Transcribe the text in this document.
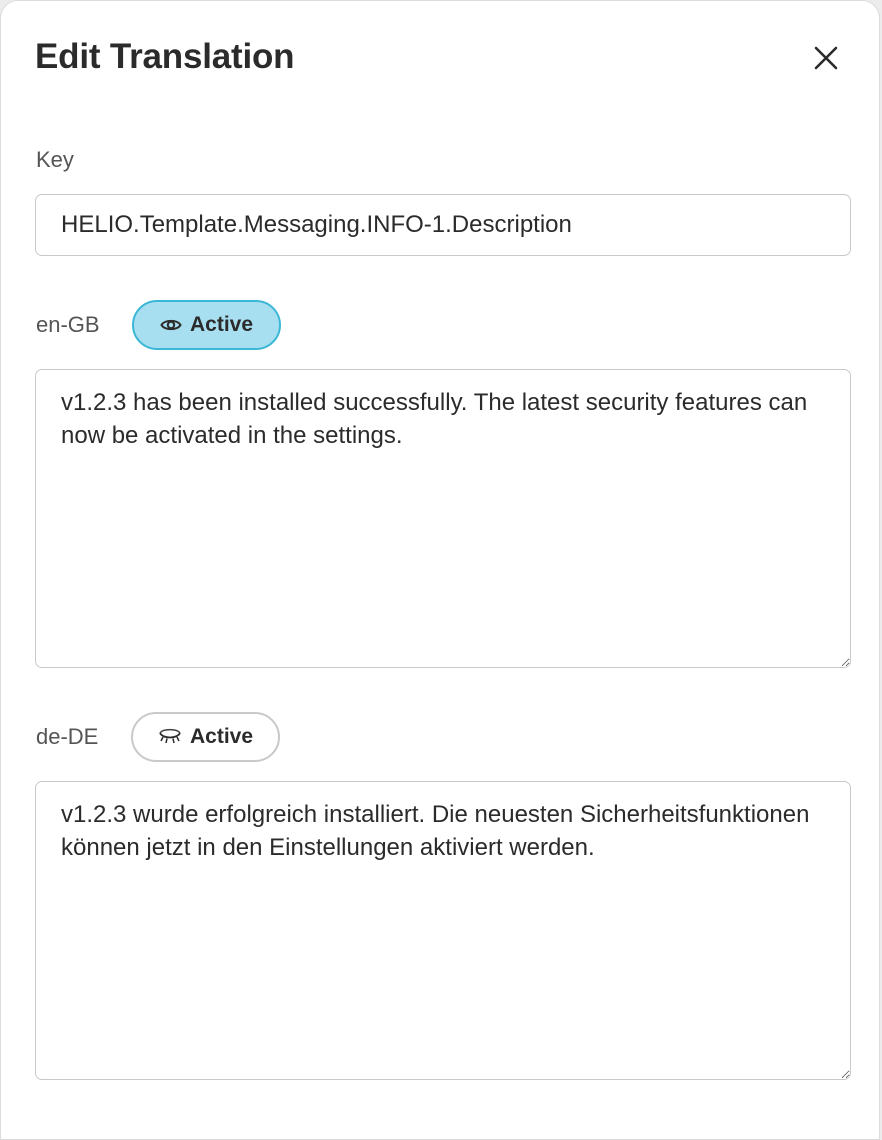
Edit Translation
Key
HELIO.Template.Messaging.INFO-1.Description
en-GB	Active
v1.2.3 has been installed successfully. The latest security features can now be activated in the settings.
de-DE	Active
v1.2.3 wurde erfolgreich installiert. Die neuesten Sicherheitsfunktionen können jetzt in den Einstellungen aktiviert werden.
